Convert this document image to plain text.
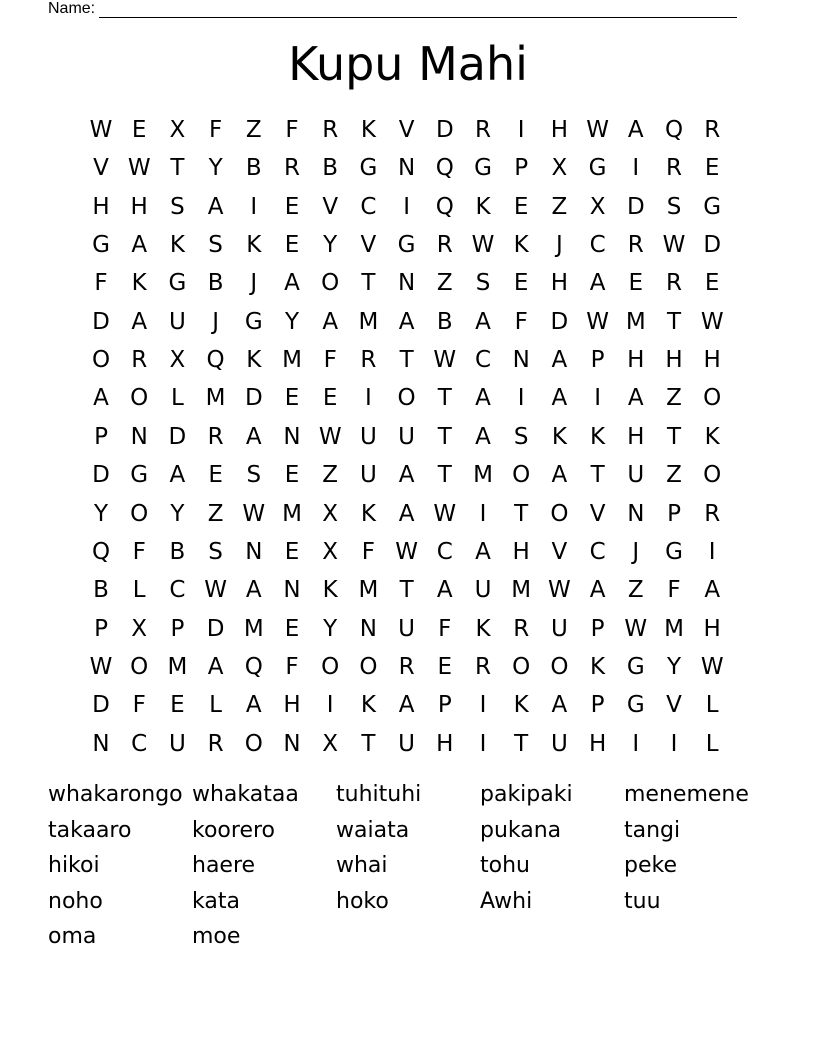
Name:
Kupu Mahi
W E	X	F	Z	F	R K V D R	I	H W A Q R
V W T	Y	B R B G N Q G P	X G	I	R E
H H S	A	I	E	V C	I	Q K	E	Z X D S G
G A K	S	K	E	Y	V G R W K	J	C R W D
F	K G B	J	A O T N Z	S	E H A	E R E
D A U	J	G Y	A M A B A	F D W M T W
O R X Q K M F	R	T W C N A	P H H H
A O L M D E	E	I	O T	A	I	A	I	A Z O
P N D R A N W U U T	A	S	K	K H T	K
D G A	E	S	E	Z U A	T M O A	T U Z O
Y O Y	Z W M X K A W	I	T O V N P	R
Q F	B	S N E	X	F W C A H V C	J	G	I
B	L	C W A N K M T	A U M W A Z	F	A
P	X	P D M E	Y N U	F	K R U P W M H
W O M A Q F O O R E R O O K G Y W
D F	E	L	A H	I	K A	P	I	K A	P G V	L
N C U R O N X	T U H	I	T U H	I	I	L
whakarongo whakataa tuhituhi	pakipaki menemene
takaaro	koorero	waiata	pukana	tangi
hikoi	haere	whai	tohu	peke
noho	kata	hoko	Awhi	tuu
oma	moe
